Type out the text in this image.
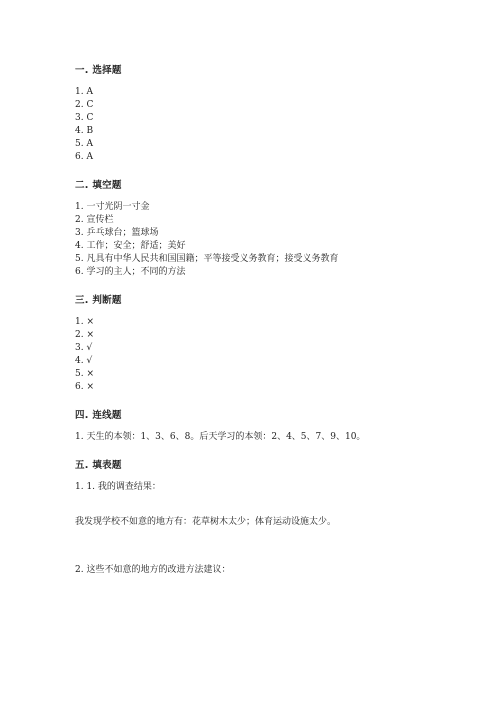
一. 选择题
1. A
2. C
3. C
4. B
5. A
6. A
二. 填空题
1. 一寸光阴一寸金
2. 宣传栏
3. 乒乓球台；篮球场
4. 工作；安全；舒适；美好
5. 凡具有中华人民共和国国籍；平等接受义务教育；接受义务教育
6. 学习的主人；不同的方法
三. 判断题
1. ×
2. ×
3. √
4. √
5. ×
6. ×
四. 连线题
1. 天生的本领：1、3、6、8。后天学习的本领：2、4、5、7、9、10。
五. 填表题
1. 1. 我的调查结果：
我发现学校不如意的地方有：花草树木太少；体育运动设施太少。
2. 这些不如意的地方的改进方法建议：
